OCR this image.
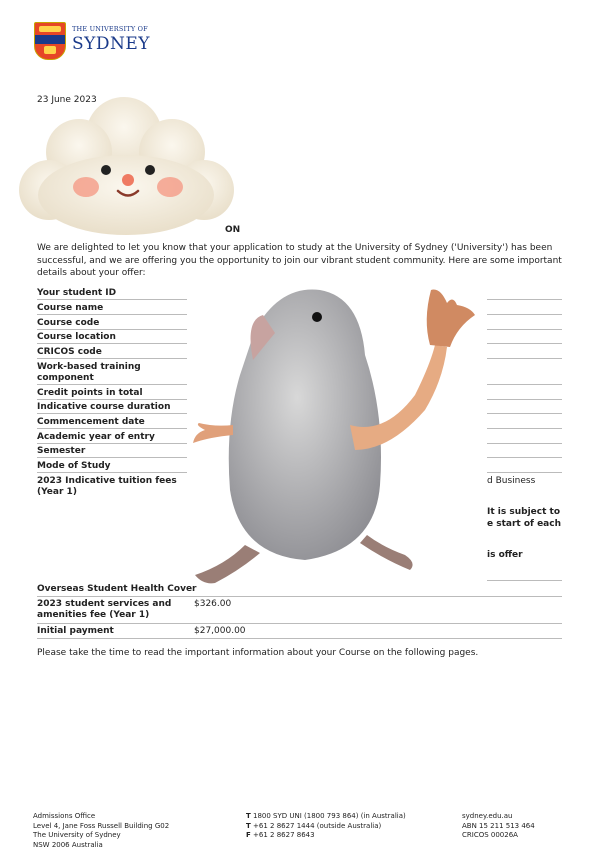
THE UNIVERSITY OF
SYDNEY
23 June 2023
ON
We are delighted to let you know that your application to study at the University of Sydney ('University') has been successful, and we are offering you the opportunity to join our vibrant student community. Here are some important details about your offer:
Your student ID
Course name
Course code
Course location
CRICOS code
Work-based training component
Credit points in total
Indicative course duration
Commencement date
Academic year of entry
Semester
Mode of Study
2023 Indicative tuition fees (Year 1)
d Business
It is subject to
e start of each
is offer
Overseas Student Health Cover
2023 student services and amenities fee (Year 1)
$326.00
Initial payment	$27,000.00
Please take the time to read the important information about your Course on the following pages.
Admissions Office
Level 4, Jane Foss Russell Building G02
The University of Sydney
NSW 2006 Australia
T 1800 SYD UNI (1800 793 864) (in Australia)
T +61 2 8627 1444 (outside Australia)
F +61 2 8627 8643
sydney.edu.au
ABN 15 211 513 464
CRICOS 00026A
